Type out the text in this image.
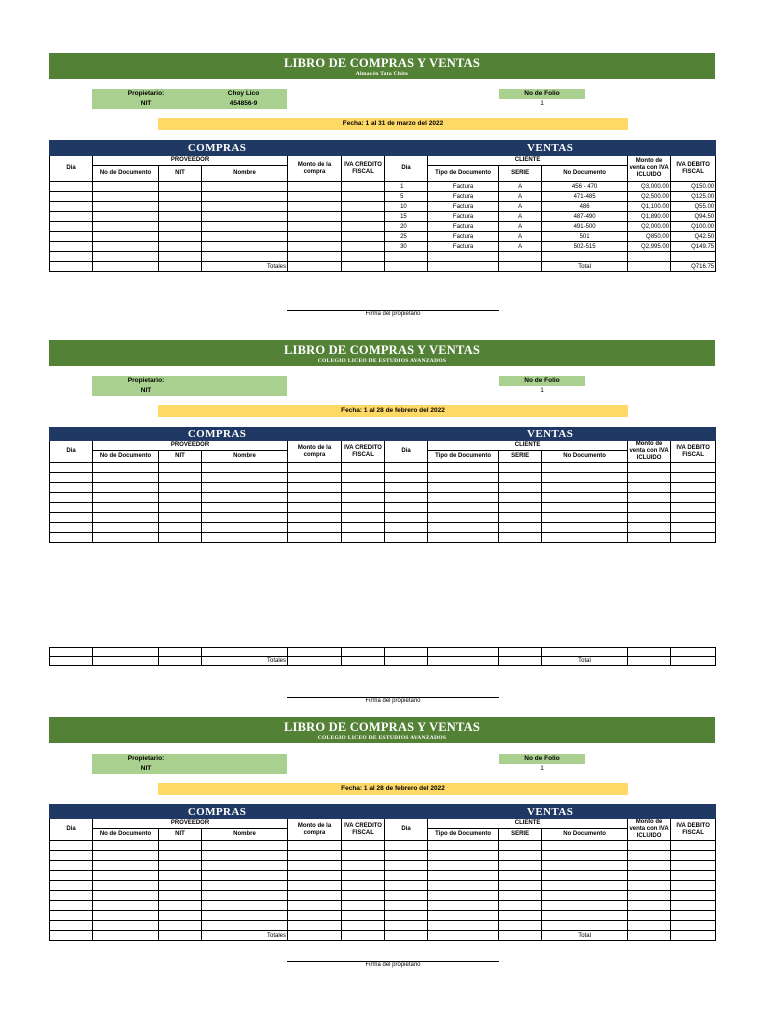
LIBRO DE COMPRAS Y VENTAS
Almacén Tata Chito
Propietario:	Choy Lico
NIT	454856-9
No de Folio
1
Fecha: 1 al 31 de marzo del 2022
COMPRAS						VENTAS					
Dia	PROVEEDOR			Monto de la compra	IVA CREDITO FISCAL	Dia	CLIENTE			Monto de venta con IVA ICLUIDO	IVA DEBITO FISCAL
	No de Documento	NIT	Nombre				Tipo de Documento	SERIE	No Documento		
						1	Factura	A	456 - 470	Q3,000.00	Q150.00
						5	Factura	A	471-485	Q2,500.00	Q125.00
						10	Factura	A	486	Q1,100.00	Q55.00
						15	Factura	A	487-490	Q1,890.00	Q94.50
						20	Factura	A	491-500	Q2,000.00	Q100.00
						25	Factura	A	501	Q850.00	Q42.50
						30	Factura	A	502-515	Q2,995.00	Q149.75

			Totales						Total		Q716.75
Firma del propietario
LIBRO DE COMPRAS Y VENTAS
COLEGIO LICEO DE ESTUDIOS AVANZADOS
Propietario:
NIT
No de Folio
1
Fecha: 1 al 28 de febrero del 2022
COMPRAS						VENTAS					
Dia	PROVEEDOR			Monto de la compra	IVA CREDITO FISCAL	Dia	CLIENTE			Monto de venta con IVA ICLUIDO	IVA DEBITO FISCAL
	No de Documento	NIT	Nombre				Tipo de Documento	SERIE	No Documento		

			Totales						Total		
Firma del propietario
LIBRO DE COMPRAS Y VENTAS
COLEGIO LICEO DE ESTUDIOS AVANZADOS
Propietario:
NIT
No de Folio
1
Fecha: 1 al 28 de febrero del 2022
COMPRAS						VENTAS					
Dia	PROVEEDOR			Monto de la compra	IVA CREDITO FISCAL	Dia	CLIENTE			Monto de venta con IVA ICLUIDO	IVA DEBITO FISCAL
	No de Documento	NIT	Nombre				Tipo de Documento	SERIE	No Documento		

			Totales						Total		
Firma del propietario
